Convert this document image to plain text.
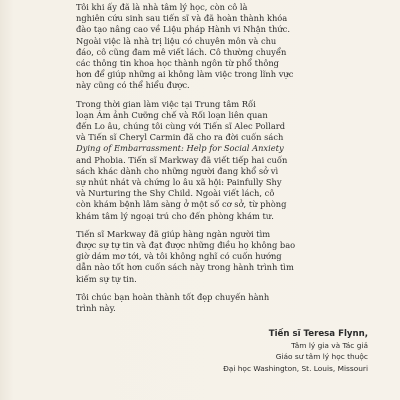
Tôi khi ấy đã là nhà tâm lý học, còn cô là
nghiên cứu sinh sau tiến sĩ và đã hoàn thành khóa
đào tạo nâng cao về Liệu pháp Hành vi Nhận thức.
Ngoài việc là nhà trị liệu có chuyên môn và chu
đáo, cô cũng đam mê viết lách. Cô thường chuyển
các thông tin khoa học thành ngôn từ phổ thông
hơn để giúp những ai không làm việc trong lĩnh vực
này cũng có thể hiểu được.

Trong thời gian làm việc tại Trung tâm Rối
loạn Ám ảnh Cưỡng chế và Rối loạn liên quan
đến Lo âu, chúng tôi cùng với Tiến sĩ Alec Pollard
và Tiến sĩ Cheryl Carmin đã cho ra đời cuốn sách
Dying of Embarrassment: Help for Social Anxiety
and Phobia. Tiến sĩ Markway đã viết tiếp hai cuốn
sách khác dành cho những người đang khổ sở vì
sự nhút nhát và chứng lo âu xã hội: Painfully Shy
và Nurturing the Shy Child. Ngoài viết lách, cô
còn khám bệnh lâm sàng ở một số cơ sở, từ phòng
khám tâm lý ngoại trú cho đến phòng khám tư.

Tiến sĩ Markway đã giúp hàng ngàn người tìm
được sự tự tin và đạt được những điều họ không bao
giờ dám mơ tới, và tôi không nghĩ có cuốn hướng
dẫn nào tốt hơn cuốn sách này trong hành trình tìm
kiếm sự tự tin.

Tôi chúc bạn hoàn thành tốt đẹp chuyến hành
trình này.

Tiến sĩ Teresa Flynn,
Tâm lý gia và Tác giả
Giáo sư tâm lý học thuộc
Đại học Washington, St. Louis, Missouri
